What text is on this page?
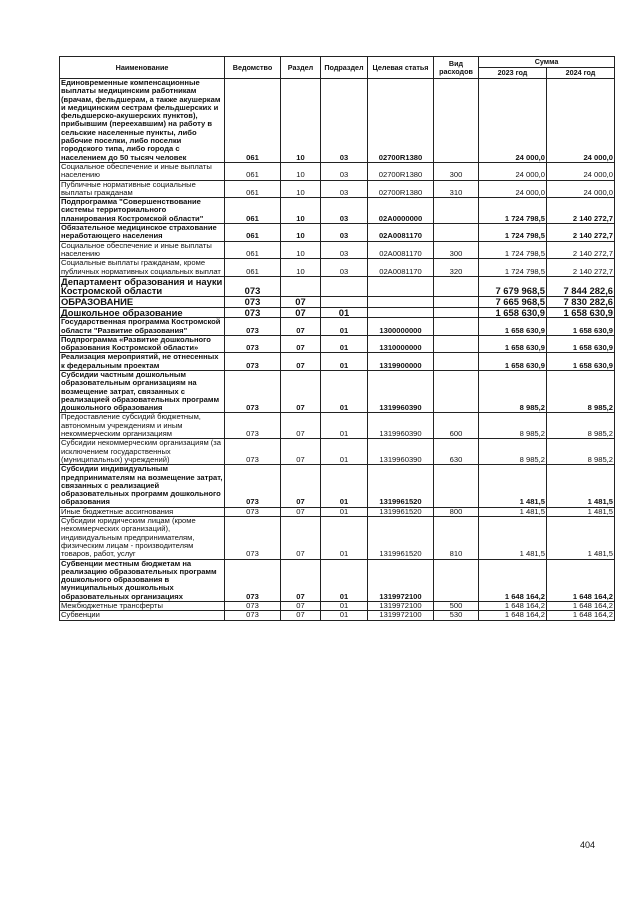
Наименование	Ведомство	Раздел	Подраздел	Целевая статья	Вид расходов	Сумма	
						2023 год	2024 год
Единовременные компенсационные выплаты медицинским работникам (врачам, фельдшерам, а также акушеркам и медицинским сестрам фельдшерских и фельдшерско-акушерских пунктов), прибывшим (переехавшим) на работу в сельские населенные пункты, либо рабочие поселки, либо поселки городского типа, либо города с населением до 50 тысяч человек	061	10	03	02700R1380		24 000,0	24 000,0
Социальное обеспечение и иные выплаты населению	061	10	03	02700R1380	300	24 000,0	24 000,0
Публичные нормативные социальные выплаты гражданам	061	10	03	02700R1380	310	24 000,0	24 000,0
Подпрограмма "Совершенствование системы территориального планирования Костромской области"	061	10	03	02А0000000		1 724 798,5	2 140 272,7
Обязательное медицинское страхование неработающего населения	061	10	03	02А0081170		1 724 798,5	2 140 272,7
Социальное обеспечение и иные выплаты населению	061	10	03	02А0081170	300	1 724 798,5	2 140 272,7
Социальные выплаты гражданам, кроме публичных нормативных социальных выплат	061	10	03	02А0081170	320	1 724 798,5	2 140 272,7
Департамент образования и науки Костромской области	073					7 679 968,5	7 844 282,6
ОБРАЗОВАНИЕ	073	07				7 665 968,5	7 830 282,6
Дошкольное образование	073	07	01			1 658 630,9	1 658 630,9
Государственная программа Костромской области "Развитие образования"	073	07	01	1300000000		1 658 630,9	1 658 630,9
Подпрограмма «Развитие дошкольного образования Костромской области»	073	07	01	1310000000		1 658 630,9	1 658 630,9
Реализация мероприятий, не отнесенных к федеральным проектам	073	07	01	1319900000		1 658 630,9	1 658 630,9
Субсидии частным дошкольным образовательным организациям на возмещение затрат, связанных с реализацией образовательных программ дошкольного образования	073	07	01	1319960390		8 985,2	8 985,2
Предоставление субсидий бюджетным, автономным учреждениям и иным некоммерческим организациям	073	07	01	1319960390	600	8 985,2	8 985,2
Субсидии некоммерческим организациям (за исключением государственных (муниципальных) учреждений)	073	07	01	1319960390	630	8 985,2	8 985,2
Субсидии индивидуальным предпринимателям на возмещение затрат, связанных с реализацией образовательных программ дошкольного образования	073	07	01	1319961520		1 481,5	1 481,5
Иные бюджетные ассигнования	073	07	01	1319961520	800	1 481,5	1 481,5
Субсидии юридическим лицам (кроме некоммерческих организаций), индивидуальным предпринимателям, физическим лицам - производителям товаров, работ, услуг	073	07	01	1319961520	810	1 481,5	1 481,5
Субвенции местным бюджетам на реализацию образовательных программ дошкольного образования в муниципальных дошкольных образовательных организациях	073	07	01	1319972100		1 648 164,2	1 648 164,2
Межбюджетные трансферты	073	07	01	1319972100	500	1 648 164,2	1 648 164,2
Субвенции	073	07	01	1319972100	530	1 648 164,2	1 648 164,2
404
